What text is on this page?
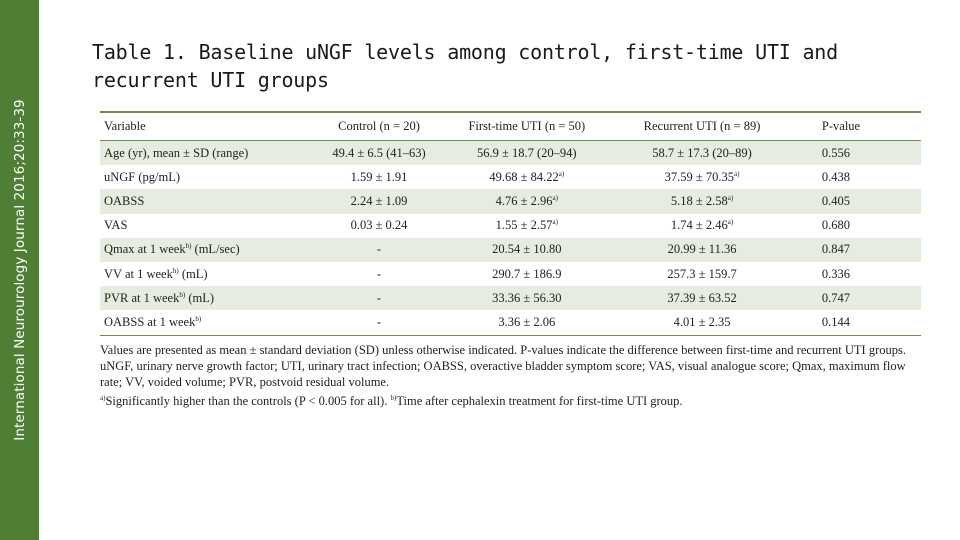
International Neurourology Journal 2016;20:33-39
Table 1. Baseline uNGF levels among control, first-time UTI and recurrent UTI groups
Variable	Control (n = 20)	First-time UTI (n = 50)	Recurrent UTI (n = 89)	P-value
Age (yr), mean ± SD (range)	49.4 ± 6.5 (41–63)	56.9 ± 18.7 (20–94)	58.7 ± 17.3 (20–89)	0.556
uNGF (pg/mL)	1.59 ± 1.91	$49.68 \pm 84.22^{a)}$	$37.59 \pm 70.35^{a)}$	0.438
OABSS	2.24 ± 1.09	$4.76 \pm 2.96^{a)}$	$5.18 \pm 2.58^{a)}$	0.405
VAS	0.03 ± 0.24	$1.55 \pm 2.57^{a)}$	$1.74 \pm 2.46^{a)}$	0.680
Qmax at 1 week$^{b)}$ (mL/sec)	-	20.54 ± 10.80	20.99 ± 11.36	0.847
VV at 1 week$^{b)}$ (mL)	-	290.7 ± 186.9	257.3 ± 159.7	0.336
PVR at 1 week$^{b)}$ (mL)	-	33.36 ± 56.30	37.39 ± 63.52	0.747
OABSS at 1 week$^{b)}$	-	3.36 ± 2.06	4.01 ± 2.35	0.144

Values are presented as mean ± standard deviation (SD) unless otherwise indicated. P-values indicate the difference between first-time and recurrent UTI groups.

uNGF, urinary nerve growth factor; UTI, urinary tract infection; OABSS, overactive bladder symptom score; VAS, visual analogue score; Qmax, maximum flow rate; VV, voided volume; PVR, postvoid residual volume.

$^{a)}$Significantly higher than the controls (P < 0.005 for all). $^{b)}$Time after cephalexin treatment for first-time UTI group.
